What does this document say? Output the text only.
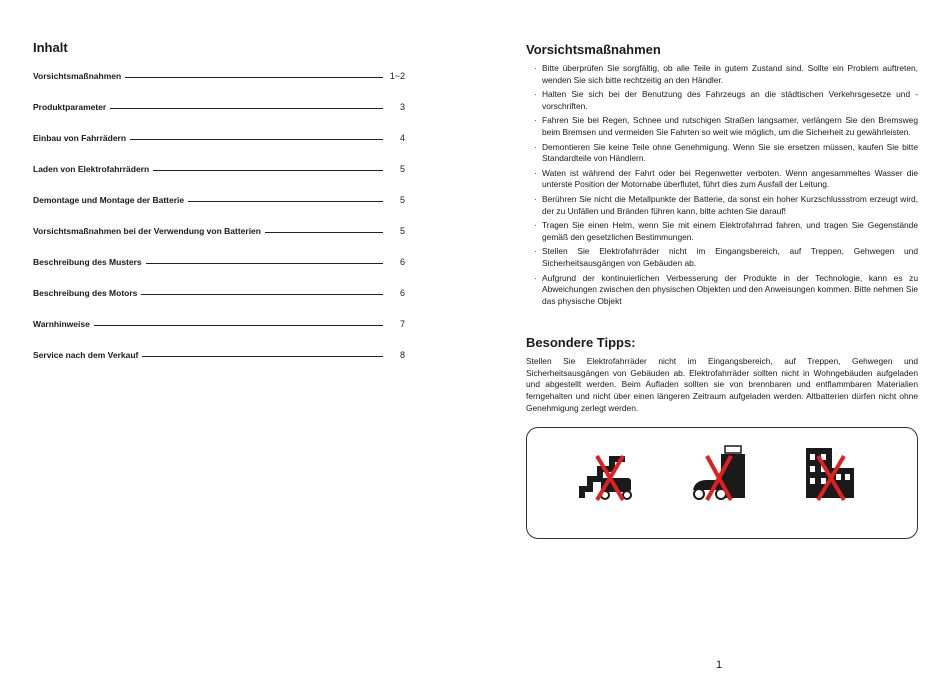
Inhalt
Vorsichtsmaßnahmen	1~2
Produktparameter	3
Einbau von Fahrrädern	4
Laden von Elektrofahrrädern	5
Demontage und Montage der Batterie	5
Vorsichtsmaßnahmen bei der Verwendung von Batterien	5
Beschreibung des Musters	6
Beschreibung des Motors	6
Warnhinweise	7
Service nach dem Verkauf	8
Vorsichtsmaßnahmen
· Bitte überprüfen Sie sorgfältig, ob alle Teile in gutem Zustand sind. Sollte ein Problem auftreten, wenden Sie sich bitte rechtzeitig an den Händler.
· Halten Sie sich bei der Benutzung des Fahrzeugs an die städtischen Verkehrsgesetze und -vorschriften.
· Fahren Sie bei Regen, Schnee und rutschigen Straßen langsamer, verlängern Sie den Bremsweg beim Bremsen und vermeiden Sie Fahrten so weit wie möglich, um die Sicherheit zu gewährleisten.
· Demontieren Sie keine Teile ohne Genehmigung. Wenn Sie sie ersetzen müssen, kaufen Sie bitte Standardteile von Händlern.
· Waten ist während der Fahrt oder bei Regenwetter verboten. Wenn angesammeltes Wasser die unterste Position der Motornabe überflutet, führt dies zum Ausfall der Leitung.
· Berühren Sie nicht die Metallpunkte der Batterie, da sonst ein hoher Kurzschlussstrom erzeugt wird, der zu Unfällen und Bränden führen kann, bitte achten Sie darauf!
· Tragen Sie einen Helm, wenn Sie mit einem Elektrofahrrad fahren, und tragen Sie Gegenstände gemäß den gesetzlichen Bestimmungen.
· Stellen Sie Elektrofahrräder nicht im Eingangsbereich, auf Treppen, Gehwegen und Sicherheitsausgängen von Gebäuden ab.
· Aufgrund der kontinuierlichen Verbesserung der Produkte in der Technologie, kann es zu Abweichungen zwischen den physischen Objekten und den Anweisungen kommen. Bitte nehmen Sie das physische Objekt
Besondere Tipps:

Stellen Sie Elektrofahrräder nicht im Eingangsbereich, auf Treppen, Gehwegen und Sicherheitsausgängen von Gebäuden ab. Elektrofahrräder sollten nicht in Wohngebäuden aufgeladen und abgestellt werden. Beim Aufladen sollten sie von brennbaren und entflammbaren Materialien ferngehalten und nicht über einen längeren Zeitraum aufgeladen werden. Altbatterien dürfen nicht ohne Genehmigung zerlegt werden.

1
